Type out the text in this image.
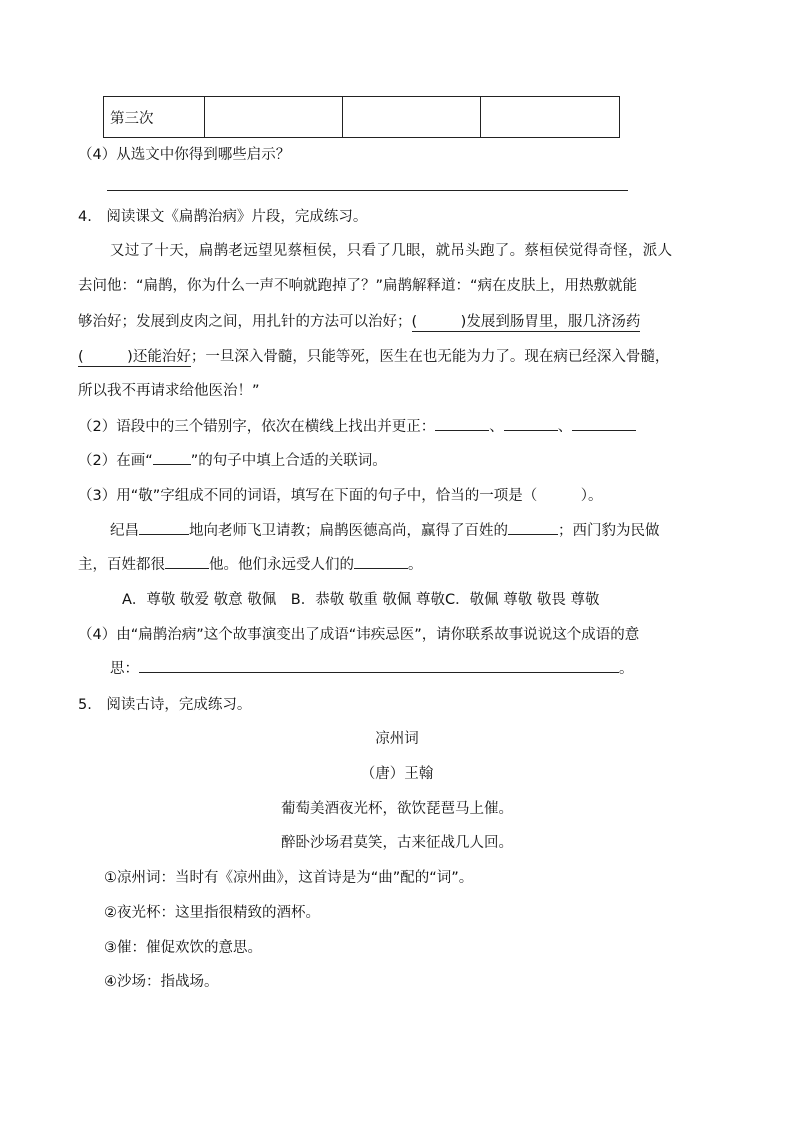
第三次			
（4）从选文中你得到哪些启示？
4.　阅读课文《扁鹊治病》片段，完成练习。
又过了十天，扁鹊老远望见蔡桓侯，只看了几眼，就吊头跑了。蔡桓侯觉得奇怪，派人
去问他：“扁鹊，你为什么一声不响就跑掉了？”扁鹊解释道：“病在皮肤上，用热敷就能
够治好；发展到皮肉之间，用扎针的方法可以治好；(　　　)发展到肠胃里，服几济汤药
(　　　)还能治好；一旦深入骨髓，只能等死，医生在也无能为力了。现在病已经深入骨髓，
所以我不再请求给他医治！”
（2）语段中的三个错别字，依次在横线上找出并更正：	、	、
（2）在画“	”的句子中填上合适的关联词。
（3）用“敬”字组成不同的词语，填写在下面的句子中，恰当的一项是（　　　）。
纪昌	地向老师飞卫请教；扁鹊医德高尚，赢得了百姓的	；西门豹为民做
主，百姓都很	他。他们永远受人们的	。
A．尊敬 敬爱 敬意 敬佩　B．恭敬 敬重 敬佩 尊敬C．敬佩 尊敬 敬畏 尊敬
（4）由“扁鹊治病”这个故事演变出了成语“讳疾忌医”，请你联系故事说说这个成语的意
思：	。
5.　阅读古诗，完成练习。
凉州词
（唐）王翰
葡萄美酒夜光杯，欲饮琵琶马上催。
醉卧沙场君莫笑，古来征战几人回。
①凉州词：当时有《凉州曲》，这首诗是为“曲”配的“词”。
②夜光杯：这里指很精致的酒杯。
③催：催促欢饮的意思。
④沙场：指战场。
